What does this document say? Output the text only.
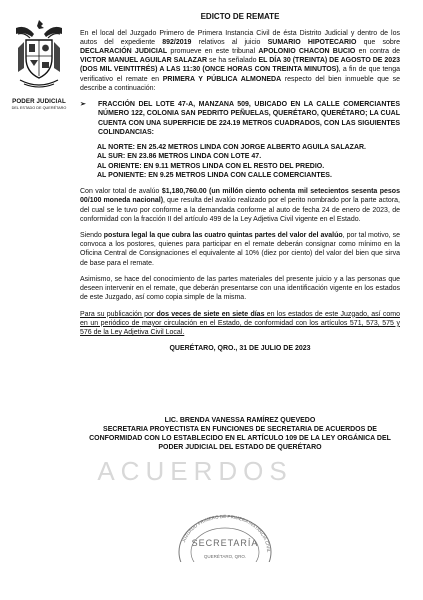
PODER JUDICIAL
DEL ESTADO DE QUERÉTARO
EDICTO DE REMATE

En el local del Juzgado Primero de Primera Instancia Civil de ésta Distrito Judicial y dentro de los autos del expediente 892/2019 relativos al juicio SUMARIO HIPOTECARIO que sobre DECLARACIÓN JUDICIAL promueve en este tribunal APOLONIO CHACON BUCIO en contra de VICTOR MANUEL AGUILAR SALAZAR se ha señalado EL DÍA 30 (TREINTA) DE AGOSTO DE 2023 (DOS MIL VEINTITRÉS) A LAS 11:30 (ONCE HORAS CON TREINTA MINUTOS), a fin de que tenga verificativo el remate en PRIMERA Y PÚBLICA ALMONEDA respecto del bien inmueble que se describe a continuación:

➢	FRACCIÓN DEL LOTE 47-A, MANZANA 509, UBICADO EN LA CALLE COMERCIANTES NÚMERO 122, COLONIA SAN PEDRITO PEÑUELAS, QUERÉTARO, QUERÉTARO; LA CUAL CUENTA CON UNA SUPERFICIE DE 224.19 METROS CUADRADOS, CON LAS SIGUIENTES COLINDANCIAS:
AL NORTE: EN 25.42 METROS LINDA CON JORGE ALBERTO AGUILA SALAZAR.
AL SUR: EN 23.86 METROS LINDA CON LOTE 47.
AL ORIENTE: EN 9.11 METROS LINDA CON EL RESTO DEL PREDIO.
AL PONIENTE: EN 9.25 METROS LINDA CON CALLE COMERCIANTES.

Con valor total de avalúo $1,180,760.00 (un millón ciento ochenta mil setecientos sesenta pesos 00/100 moneda nacional), que resulta del avalúo realizado por el perito nombrado por la parte actora, del cual se le tuvo por conforme a la demandada conforme al auto de fecha 24 de enero de 2023, de conformidad con la fracción II del artículo 499 de la Ley Adjetiva Civil vigente en el Estado.

Siendo postura legal la que cubra las cuatro quintas partes del valor del avalúo, por tal motivo, se convoca a los postores, quienes para participar en el remate deberán consignar como mínimo en la Oficina Central de Consignaciones el equivalente al 10% (diez por ciento) del valor del bien que sirva de base para el remate.

Asimismo, se hace del conocimiento de las partes materiales del presente juicio y a las personas que deseen intervenir en el remate, que deberán presentarse con una identificación vigente en los estados de este Juzgado, así como copia simple de la misma.

Para su publicación por dos veces de siete en siete días en los estados de este Juzgado, así como en un periódico de mayor circulación en el Estado, de conformidad con los artículos 571, 573, 575 y 576 de la Ley Adjetiva Civil Local.

QUERÉTARO, QRO., 31 DE JULIO DE 2023
LIC. BRENDA VANESSA RAMÍREZ QUEVEDO
SECRETARIA PROYECTISTA EN FUNCIONES DE SECRETARIA DE ACUERDOS DE CONFORMIDAD CON LO ESTABLECIDO EN EL ARTÍCULO 109 DE LA LEY ORGÁNICA DEL PODER JUDICIAL DEL ESTADO DE QUERÉTARO
ACUERDOS
JUZGADO PRIMERO DE PRIMERA INSTANCIA CIVIL
SECRETARÍA
QUERÉTARO, QRO.
